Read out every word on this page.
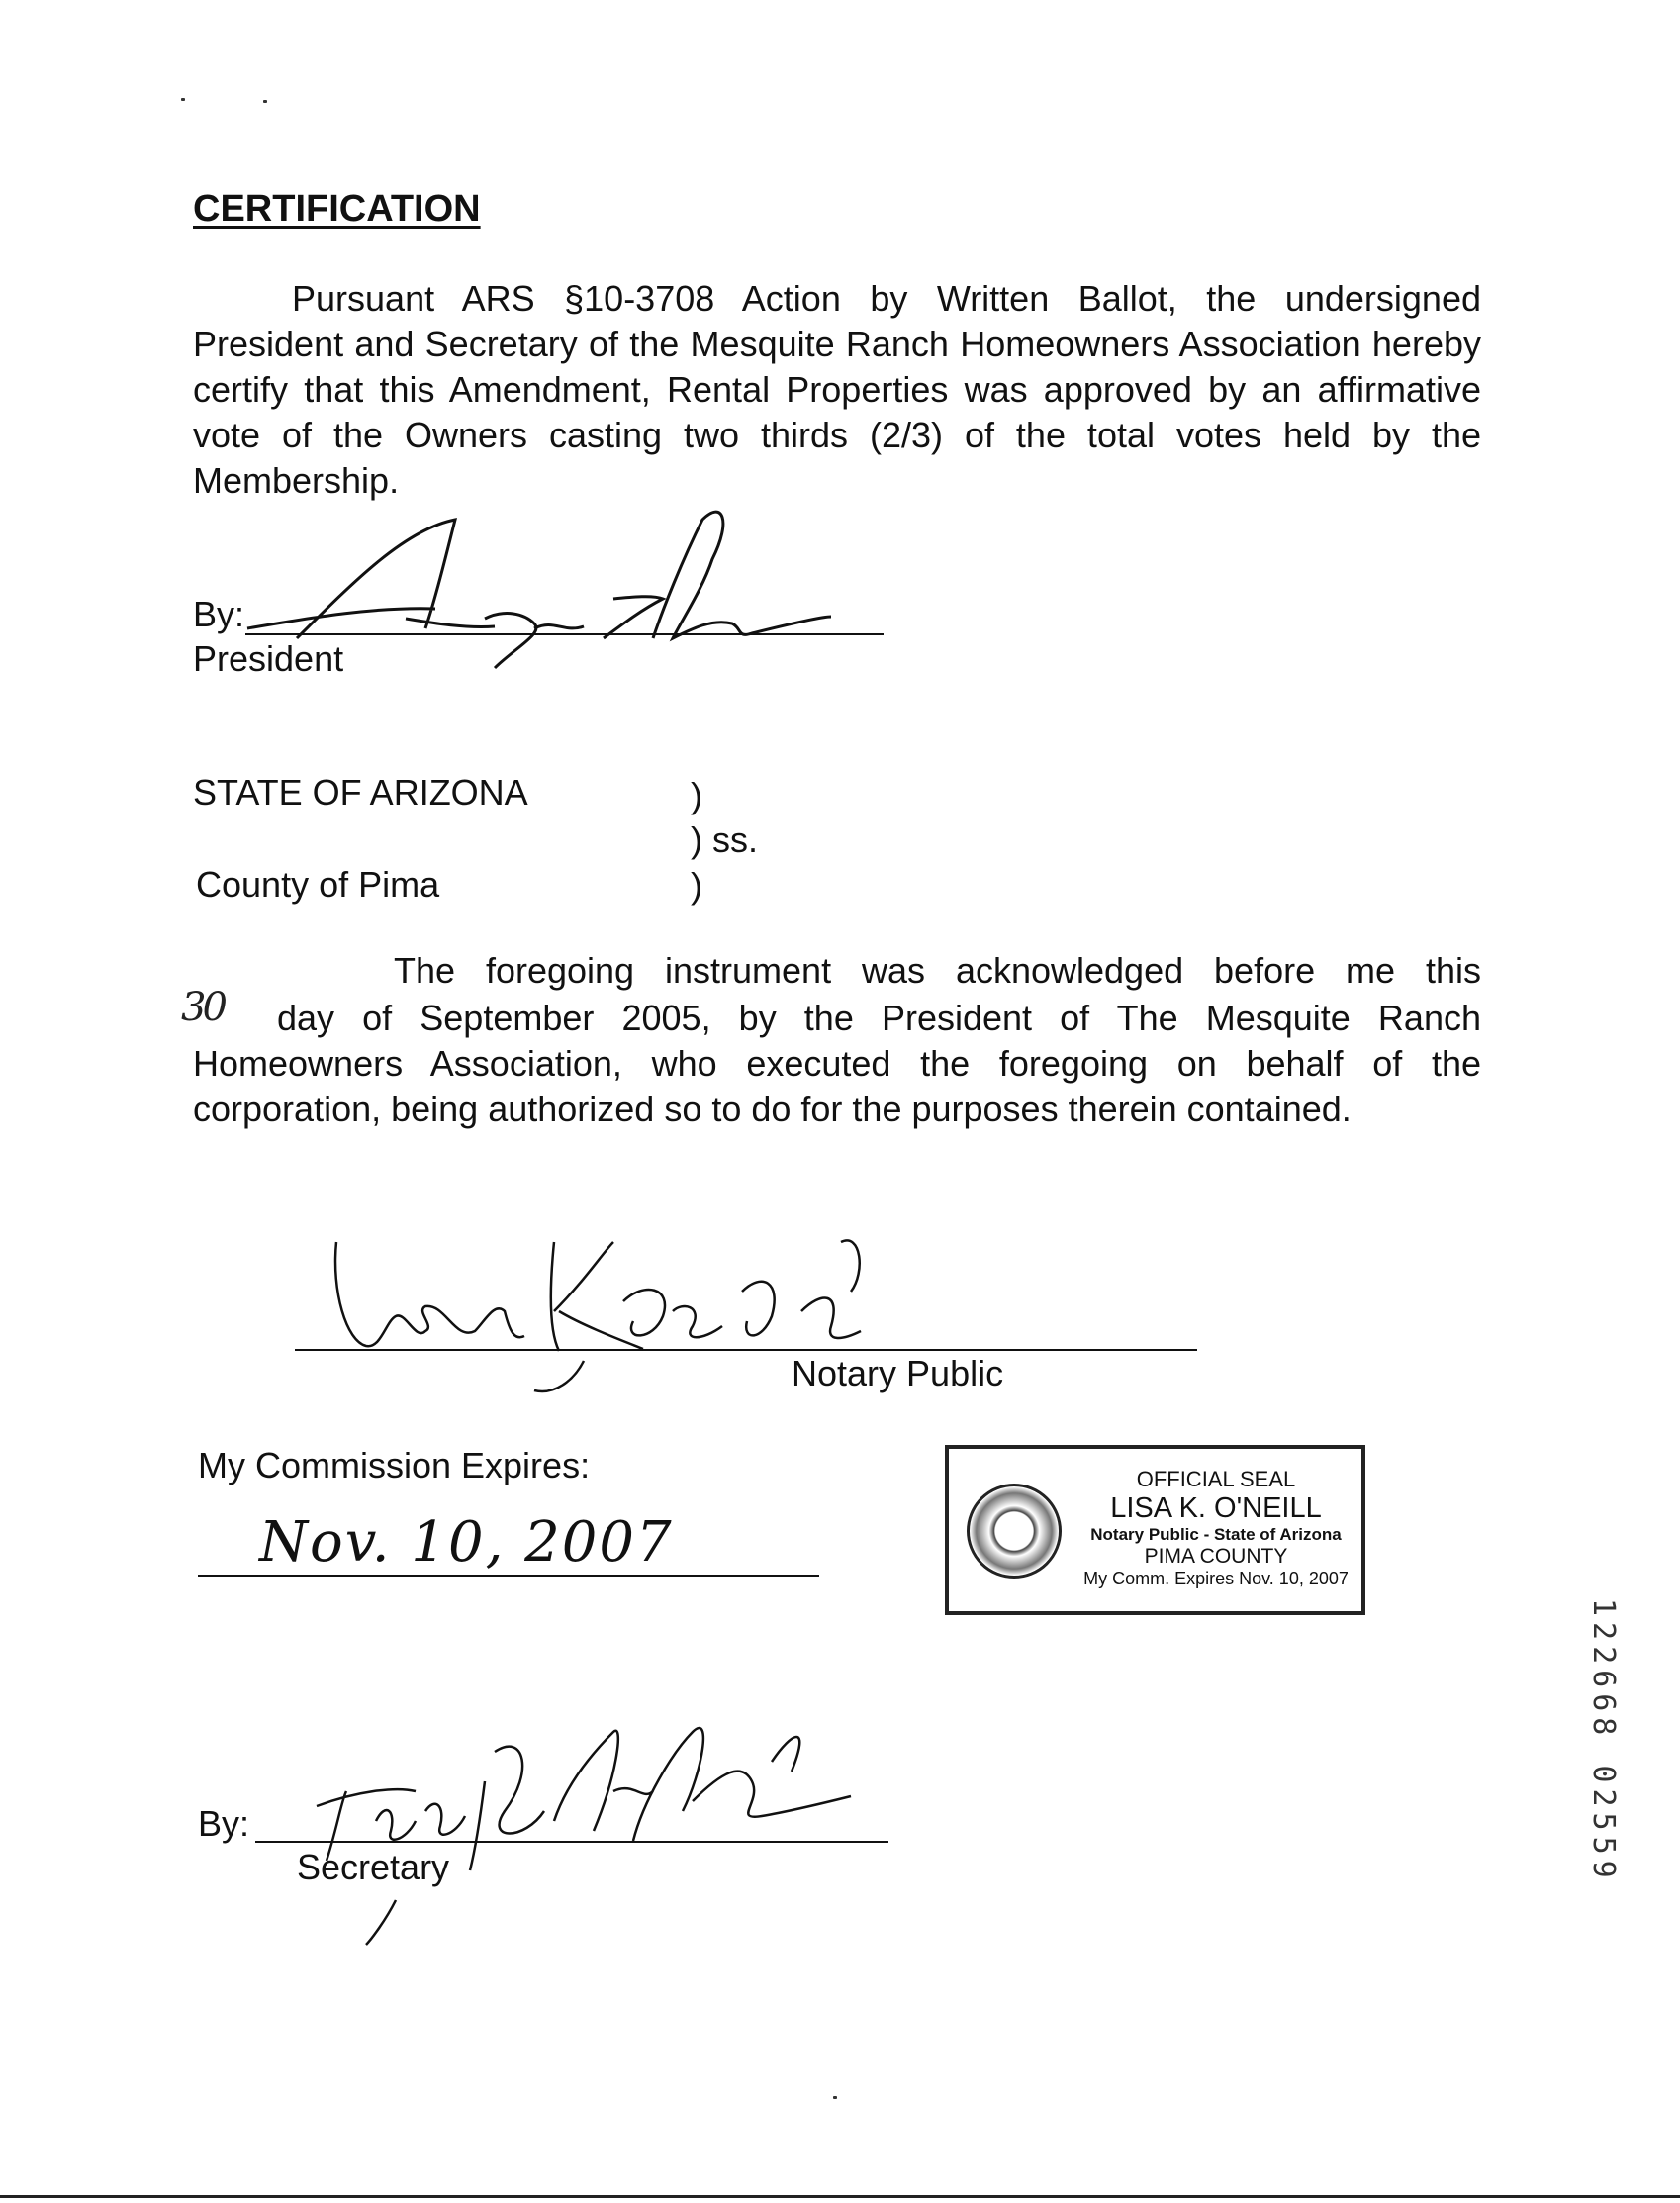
CERTIFICATION
Pursuant ARS §10-3708 Action by Written Ballot, the undersigned President and Secretary of the Mesquite Ranch Homeowners Association hereby certify that this Amendment, Rental Properties was approved by an affirmative vote of the Owners casting two thirds (2/3) of the total votes held by the Membership.
By:
President
STATE OF ARIZONA
County of Pima
)
) ss.
)
The foregoing instrument was acknowledged before me this
30	day of September 2005, by the President of The Mesquite Ranch Homeowners Association, who executed the foregoing on behalf of the corporation, being authorized so to do for the purposes therein contained.
Notary Public
My Commission Expires:
Nov. 10, 2007
OFFICIAL SEAL
LISA K. O'NEILL
Notary Public - State of Arizona
PIMA COUNTY
My Comm. Expires Nov. 10, 2007
122668 02559
By:
Secretary
